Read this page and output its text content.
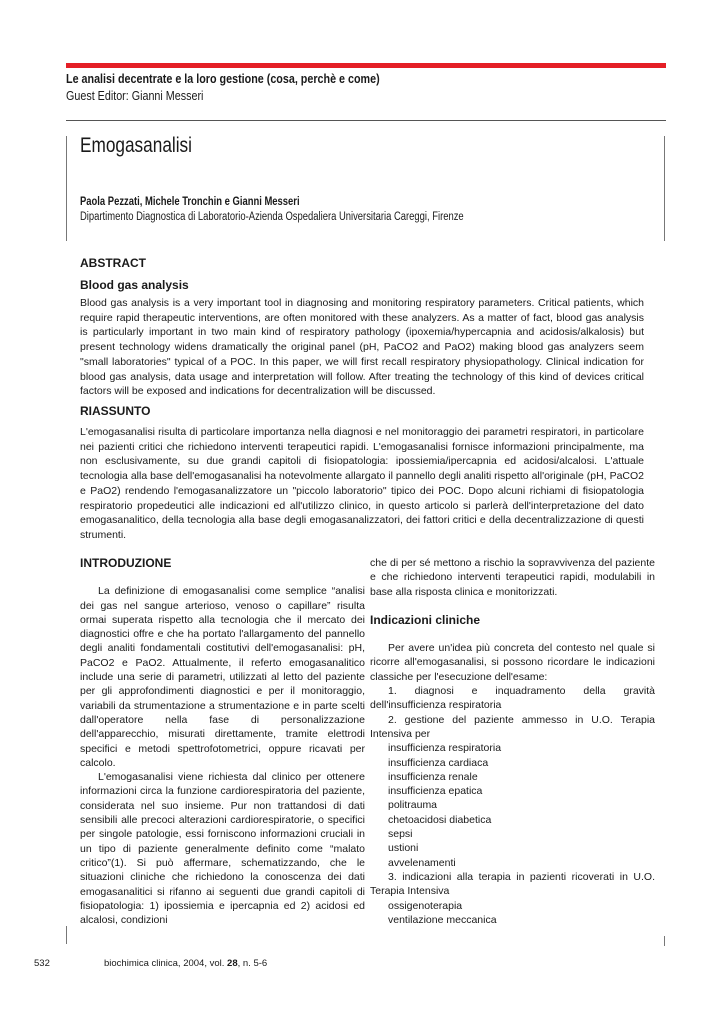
Le analisi decentrate e la loro gestione (cosa, perchè e come)
Guest Editor: Gianni Messeri
Emogasanalisi
Paola Pezzati, Michele Tronchin e Gianni Messeri
Dipartimento Diagnostica di Laboratorio-Azienda Ospedaliera Universitaria Careggi, Firenze
ABSTRACT
Blood gas analysis

Blood gas analysis is a very important tool in diagnosing and monitoring respiratory parameters. Critical patients, which require rapid therapeutic interventions, are often monitored with these analyzers. As a matter of fact, blood gas analysis is particularly important in two main kind of respiratory pathology (ipoxemia/hypercapnia and acidosis/alkalosis) but present technology widens dramatically the original panel (pH, PaCO2 and PaO2) making blood gas analyzers seem "small laboratories" typical of a POC. In this paper, we will first recall respiratory physiopathology. Clinical indication for blood gas analysis, data usage and interpretation will follow. After treating the technology of this kind of devices critical factors will be exposed and indications for decentralization will be discussed.

RIASSUNTO

L'emogasanalisi risulta di particolare importanza nella diagnosi e nel monitoraggio dei parametri respiratori, in particolare nei pazienti critici che richiedono interventi terapeutici rapidi. L'emogasanalisi fornisce informazioni principalmente, ma non esclusivamente, su due grandi capitoli di fisiopatologia: ipossiemia/ipercapnia ed acidosi/alcalosi. L'attuale tecnologia alla base dell'emogasanalisi ha notevolmente allargato il pannello degli analiti rispetto all'originale (pH, PaCO2 e PaO2) rendendo l'emogasanalizzatore un "piccolo laboratorio" tipico dei POC. Dopo alcuni richiami di fisiopatologia respiratorio propedeutici alle indicazioni ed all'utilizzo clinico, in questo articolo si parlerà dell'interpretazione del dato emogasanalitico, della tecnologia alla base degli emogasanalizzatori, dei fattori critici e della decentralizzazione di questi strumenti.

INTRODUZIONE

La definizione di emogasanalisi come semplice “analisi dei gas nel sangue arterioso, venoso o capillare” risulta ormai superata rispetto alla tecnologia che il mercato dei diagnostici offre e che ha portato l'allargamento del pannello degli analiti fondamentali costitutivi dell'emogasanalisi: pH, PaCO2 e PaO2. Attualmente, il referto emogasanalitico include una serie di parametri, utilizzati al letto del paziente per gli approfondimenti diagnostici e per il monitoraggio, variabili da strumentazione a strumentazione e in parte scelti dall'operatore nella fase di personalizzazione dell'apparecchio, misurati direttamente, tramite elettrodi specifici e metodi spettrofotometrici, oppure ricavati per calcolo.

L'emogasanalisi viene richiesta dal clinico per ottenere informazioni circa la funzione cardiorespiratoria del paziente, considerata nel suo insieme. Pur non trattandosi di dati sensibili alle precoci alterazioni cardiorespiratorie, o specifici per singole patologie, essi forniscono informazioni cruciali in un tipo di paziente generalmente definito come “malato critico”(1). Si può affermare, schematizzando, che le situazioni cliniche che richiedono la conoscenza dei dati emogasanalitici si rifanno ai seguenti due grandi capitoli di fisiopatologia: 1) ipossiemia e ipercapnia ed 2) acidosi ed alcalosi, condizioni

che di per sé mettono a rischio la sopravvivenza del paziente e che richiedono interventi terapeutici rapidi, modulabili in base alla risposta clinica e monitorizzati.

Indicazioni cliniche

Per avere un'idea più concreta del contesto nel quale si ricorre all'emogasanalisi, si possono ricordare le indicazioni classiche per l'esecuzione dell'esame:

1. diagnosi e inquadramento della gravità dell'insufficienza respiratoria

2. gestione del paziente ammesso in U.O. Terapia Intensiva per

insufficienza respiratoria
insufficienza cardiaca
insufficienza renale
insufficienza epatica
politrauma
chetoacidosi diabetica
sepsi
ustioni
avvelenamenti

3. indicazioni alla terapia in pazienti ricoverati in U.O. Terapia Intensiva

ossigenoterapia
ventilazione meccanica
532	biochimica clinica, 2004, vol. 28, n. 5-6
